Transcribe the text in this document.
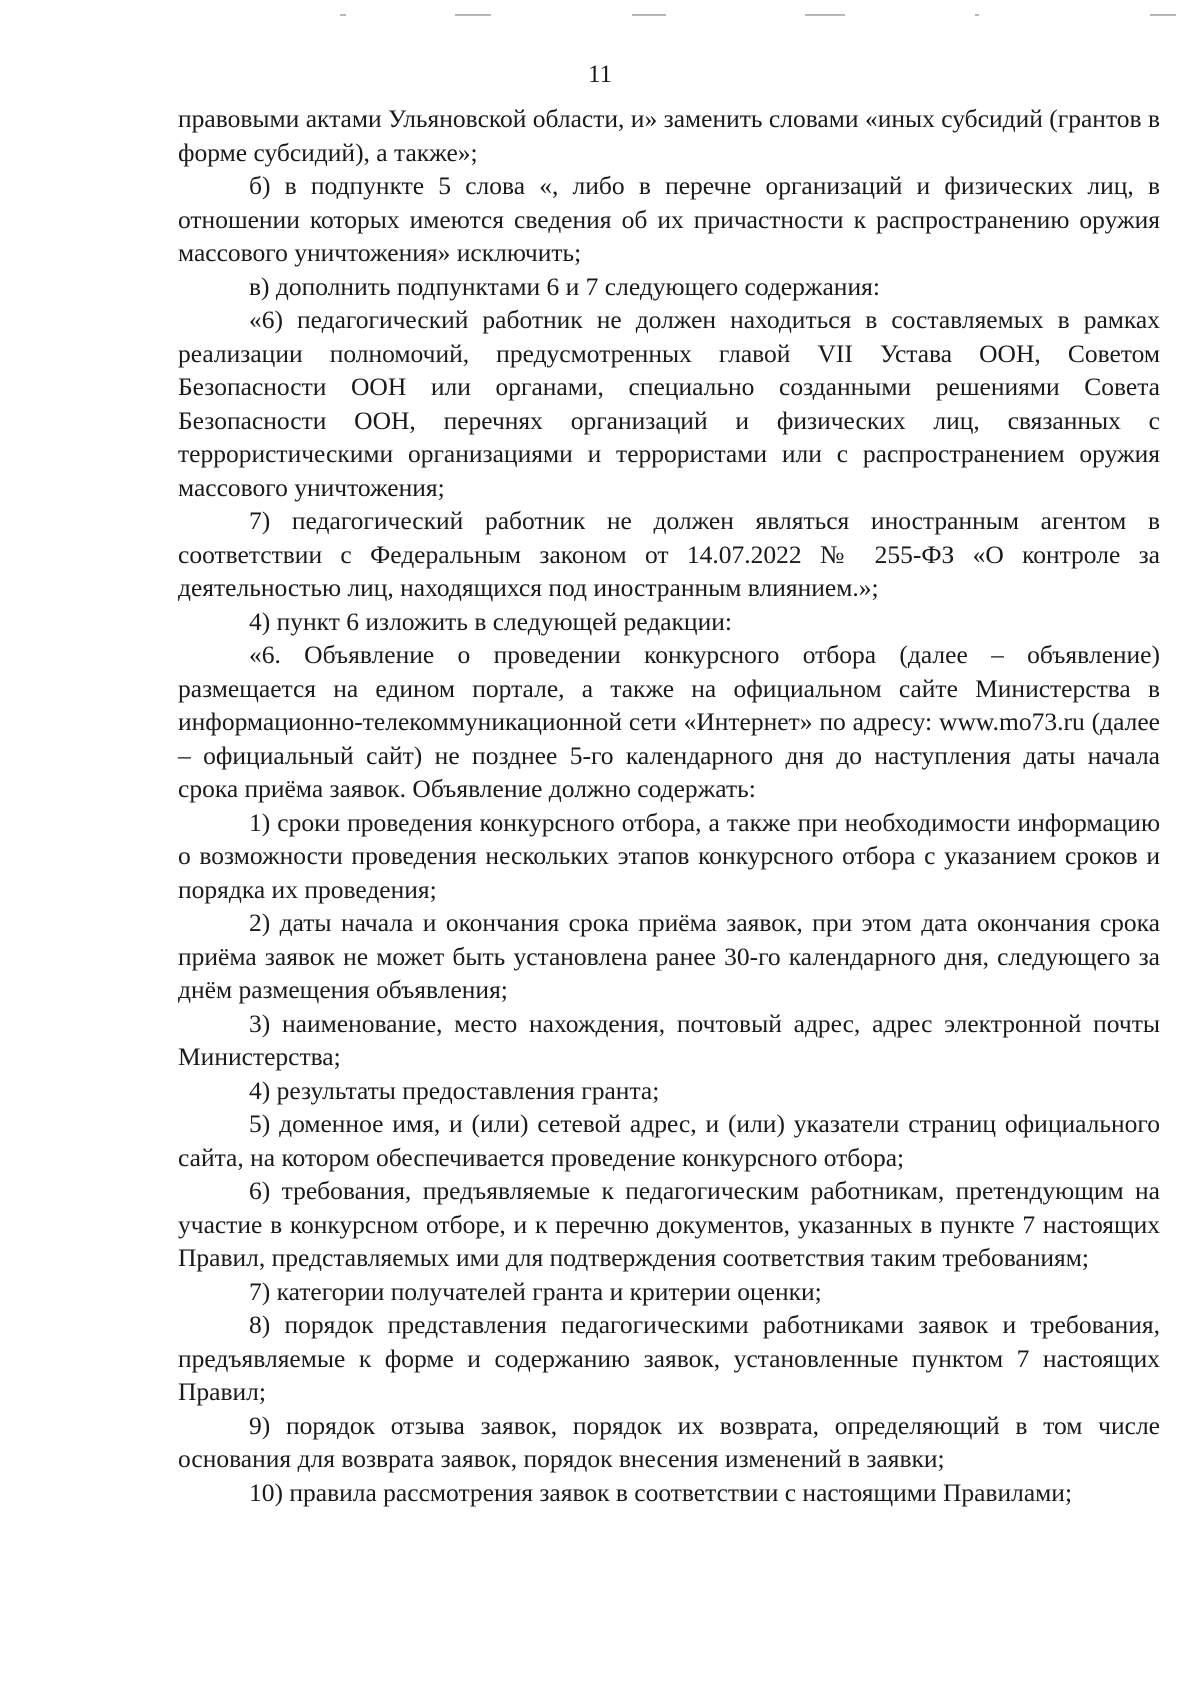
11

правовыми актами Ульяновской области, и» заменить словами «иных субсидий (грантов в форме субсидий), а также»;

б) в подпункте 5 слова «, либо в перечне организаций и физических лиц, в отношении которых имеются сведения об их причастности к распространению оружия массового уничтожения» исключить;

в) дополнить подпунктами 6 и 7 следующего содержания:

«6) педагогический работник не должен находиться в составляемых в рамках реализации полномочий, предусмотренных главой VII Устава ООН, Советом Безопасности ООН или органами, специально созданными решениями Совета Безопасности ООН, перечнях организаций и физических лиц, связанных с террористическими организациями и террористами или с распространением оружия массового уничтожения;

7) педагогический работник не должен являться иностранным агентом в соответствии с Федеральным законом от 14.07.2022 № 255-ФЗ «О контроле за деятельностью лиц, находящихся под иностранным влиянием.»;

4) пункт 6 изложить в следующей редакции:

«6. Объявление о проведении конкурсного отбора (далее – объявление) размещается на едином портале, а также на официальном сайте Министерства в информационно-телекоммуникационной сети «Интернет» по адресу: www.mo73.ru (далее – официальный сайт) не позднее 5-го календарного дня до наступления даты начала срока приёма заявок. Объявление должно содержать:

1) сроки проведения конкурсного отбора, а также при необходимости информацию о возможности проведения нескольких этапов конкурсного отбора с указанием сроков и порядка их проведения;

2) даты начала и окончания срока приёма заявок, при этом дата окончания срока приёма заявок не может быть установлена ранее 30-го календарного дня, следующего за днём размещения объявления;

3) наименование, место нахождения, почтовый адрес, адрес электронной почты Министерства;

4) результаты предоставления гранта;

5) доменное имя, и (или) сетевой адрес, и (или) указатели страниц официального сайта, на котором обеспечивается проведение конкурсного отбора;

6) требования, предъявляемые к педагогическим работникам, претендующим на участие в конкурсном отборе, и к перечню документов, указанных в пункте 7 настоящих Правил, представляемых ими для подтверждения соответствия таким требованиям;

7) категории получателей гранта и критерии оценки;

8) порядок представления педагогическими работниками заявок и требования, предъявляемые к форме и содержанию заявок, установленные пунктом 7 настоящих Правил;

9) порядок отзыва заявок, порядок их возврата, определяющий в том числе основания для возврата заявок, порядок внесения изменений в заявки;

10) правила рассмотрения заявок в соответствии с настоящими Правилами;
